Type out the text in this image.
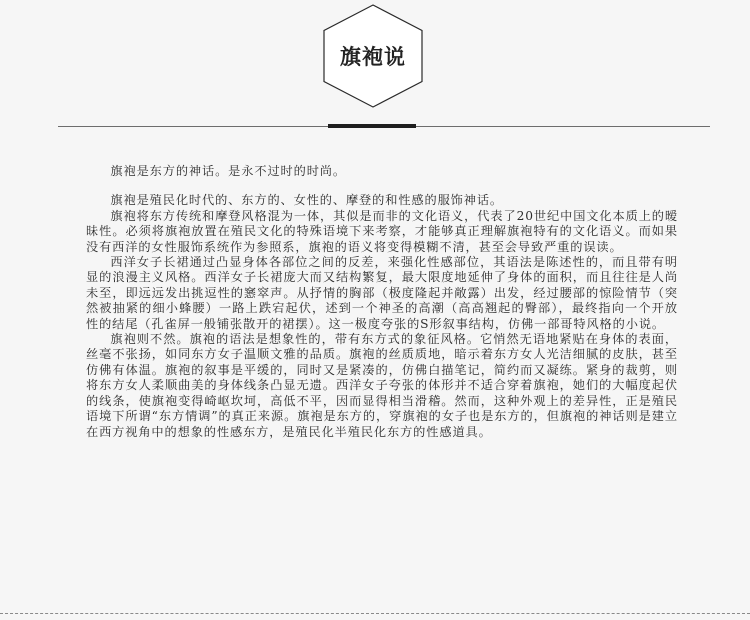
旗袍说

旗袍是东方的神话。是永不过时的时尚。

旗袍是殖民化时代的、东方的、女性的、摩登的和性感的服饰神话。

旗袍将东方传统和摩登风格混为一体，其似是而非的文化语义，代表了20世纪中国文化本质上的暧昧性。必须将旗袍放置在殖民文化的特殊语境下来考察，才能够真正理解旗袍特有的文化语义。而如果没有西洋的女性服饰系统作为参照系，旗袍的语义将变得模糊不清，甚至会导致严重的误读。

西洋女子长裙通过凸显身体各部位之间的反差，来强化性感部位，其语法是陈述性的，而且带有明显的浪漫主义风格。西洋女子长裙庞大而又结构繁复，最大限度地延伸了身体的面积，而且往往是人尚未至，即远远发出挑逗性的窸窣声。从抒情的胸部（极度隆起并敞露）出发，经过腰部的惊险情节（突然被抽紧的细小蜂腰）一路上跌宕起伏，述到一个神圣的高潮（高高翘起的臀部），最终指向一个开放性的结尾（孔雀屏一般铺张散开的裙摆）。这一极度夸张的S形叙事结构，仿佛一部哥特风格的小说。

旗袍则不然。旗袍的语法是想象性的，带有东方式的象征风格。它悄然无语地紧贴在身体的表面，丝毫不张扬，如同东方女子温顺文雅的品质。旗袍的丝质质地，暗示着东方女人光洁细腻的皮肤，甚至仿佛有体温。旗袍的叙事是平缓的，同时又是紧凑的，仿佛白描笔记，简约而又凝练。紧身的裁剪，则将东方女人柔顺曲美的身体线条凸显无遗。西洋女子夸张的体形并不适合穿着旗袍，她们的大幅度起伏的线条，使旗袍变得崎岖坎坷，高低不平，因而显得相当滑稽。然而，这种外观上的差异性，正是殖民语境下所谓“东方情调”的真正来源。旗袍是东方的，穿旗袍的女子也是东方的，但旗袍的神话则是建立在西方视角中的想象的性感东方，是殖民化半殖民化东方的性感道具。
